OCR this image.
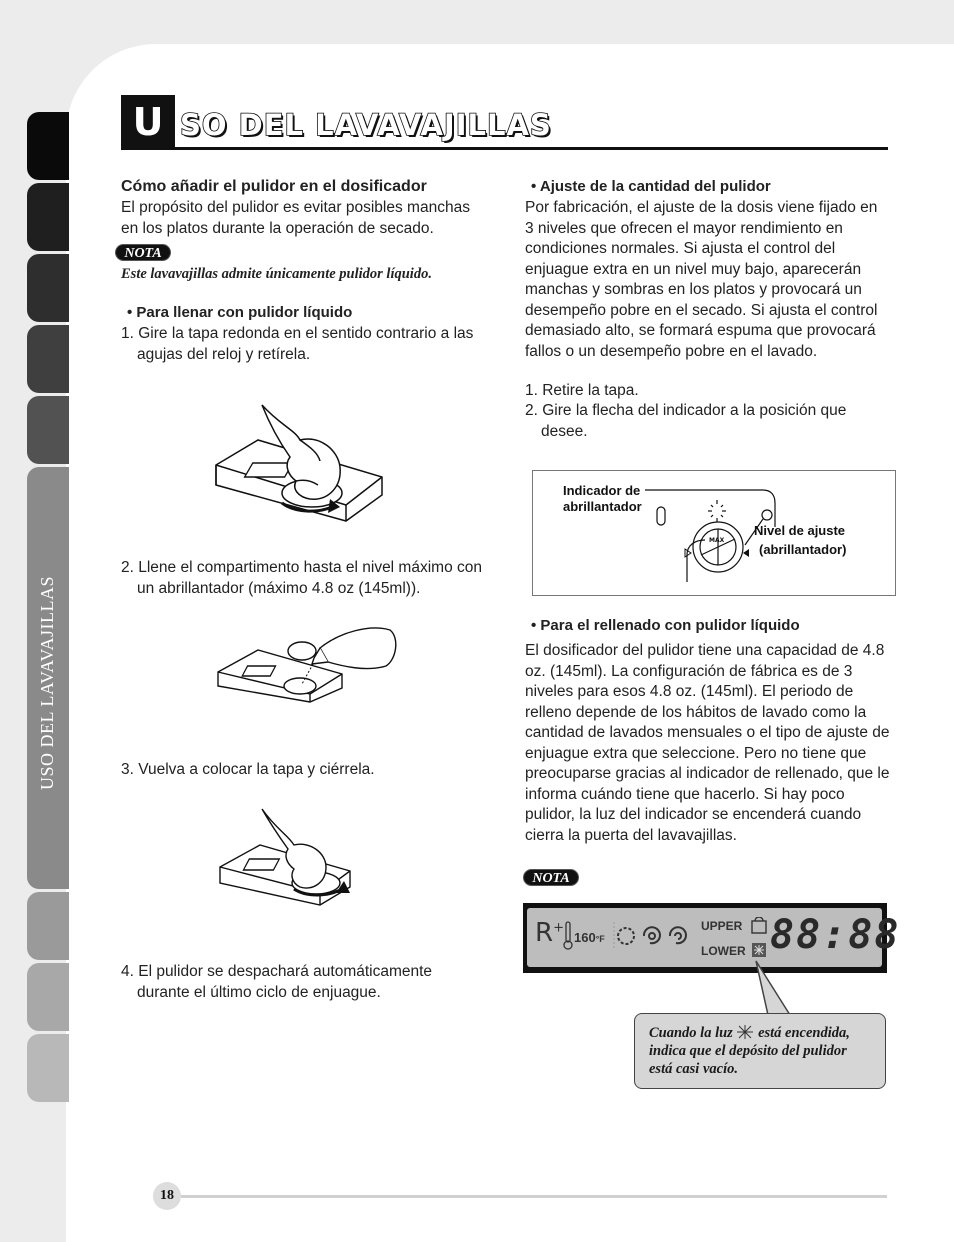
USO DEL LAVAVAJILLAS
U SO DEL LAVAVAJILLAS
Cómo añadir el pulidor en el dosificador
El propósito del pulidor es evitar posibles manchas en los platos durante la operación de secado.
NOTA
Este lavavajillas admite únicamente pulidor líquido.
• Para llenar con pulidor líquido
1. Gire la tapa redonda en el sentido contrario a las agujas del reloj y retírela.
2. Llene el compartimento hasta el nivel máximo con un abrillantador (máximo 4.8 oz (145ml)).
3. Vuelva a colocar la tapa y ciérrela.
4. El pulidor se despachará automáticamente durante el último ciclo de enjuague.
• Ajuste de la cantidad del pulidor
Por fabricación, el ajuste de la dosis viene fijado en 3 niveles que ofrecen el mayor rendimiento en condiciones normales. Si ajusta el control del enjuague extra en un nivel muy bajo, aparecerán manchas y sombras en los platos y provocará un desempeño pobre en el secado. Si ajusta el control demasiado alto, se formará espuma que provocará fallos o un desempeño pobre en el lavado.
1. Retire la tapa.
2. Gire la flecha del indicador a la posición que desee.
Indicador de abrillantador
Nivel de ajuste
(abrillantador)
MAX
• Para el rellenado con pulidor líquido
El dosificador del pulidor tiene una capacidad de 4.8 oz. (145ml). La configuración de fábrica es de 3 niveles para esos 4.8 oz. (145ml). El periodo de relleno depende de los hábitos de lavado como la cantidad de lavados mensuales o el tipo de ajuste de enjuague extra que seleccione. Pero no tiene que preocuparse gracias al indicador de rellenado, que le informa cuándo tiene que hacerlo. Si hay poco pulidor, la luz del indicador se encenderá cuando cierra la puerta del lavavajillas.
NOTA
R+
160°F
UPPER
LOWER 88:88
Cuando la luz está encendida, indica que el depósito del pulidor está casi vacío.
18
